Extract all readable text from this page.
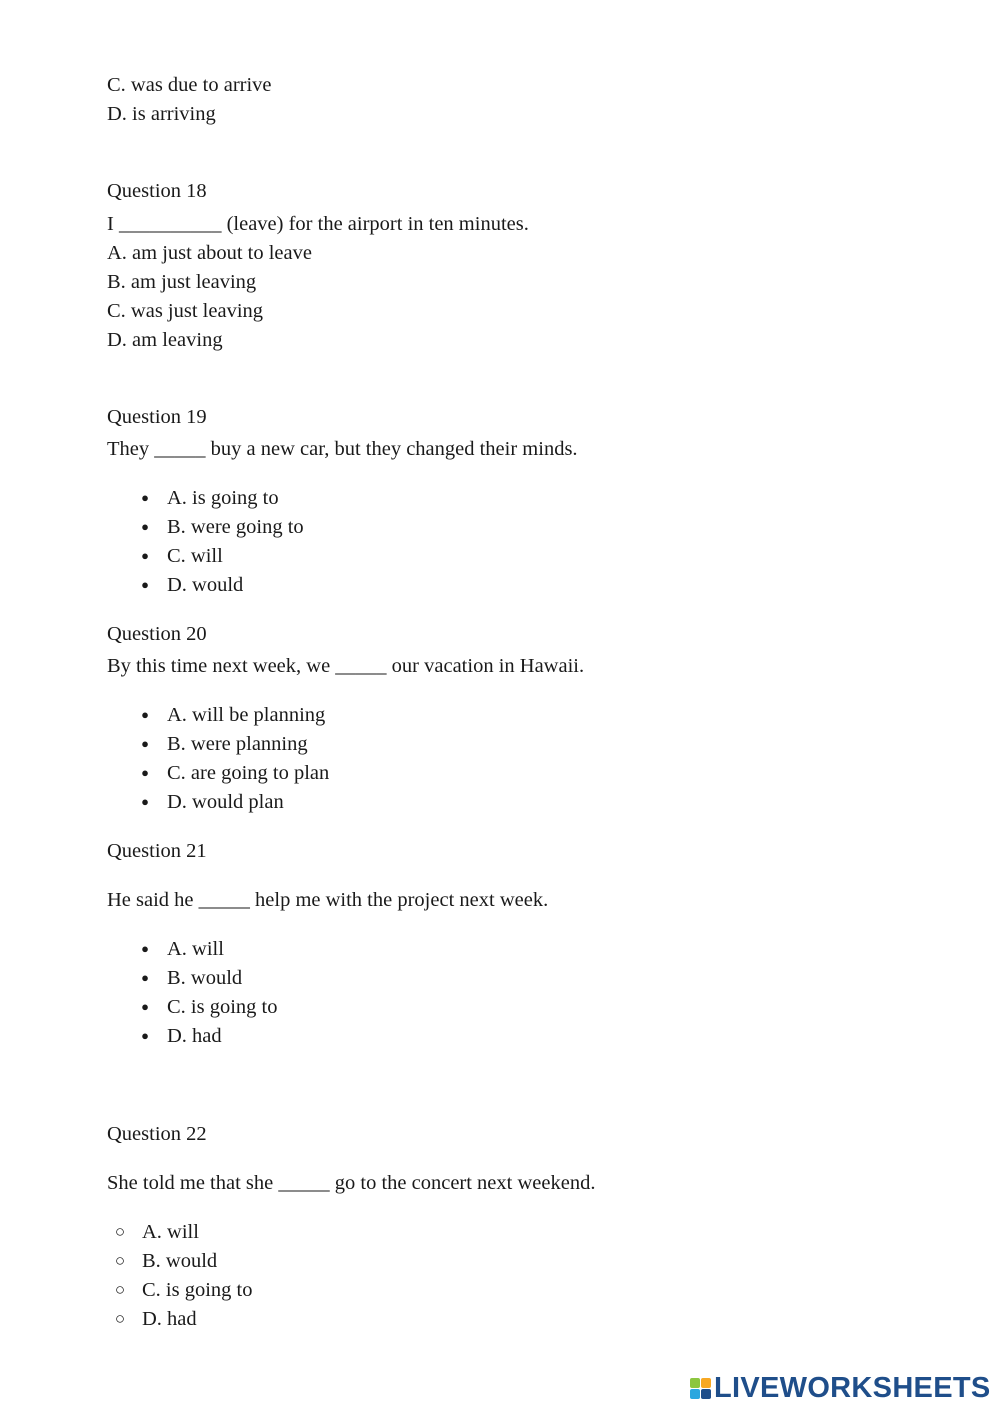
C. was due to arrive
D. is arriving
Question 18
I __________ (leave) for the airport in ten minutes.
A. am just about to leave
B. am just leaving
C. was just leaving
D. am leaving
Question 19
They _____ buy a new car, but they changed their minds.
● A. is going to
● B. were going to
● C. will
● D. would
Question 20
By this time next week, we _____ our vacation in Hawaii.
● A. will be planning
● B. were planning
● C. are going to plan
● D. would plan
Question 21
He said he _____ help me with the project next week.
● A. will
● B. would
● C. is going to
● D. had
Question 22
She told me that she _____ go to the concert next weekend.
○ A. will
○ B. would
○ C. is going to
○ D. had
LIVEWORKSHEETS
